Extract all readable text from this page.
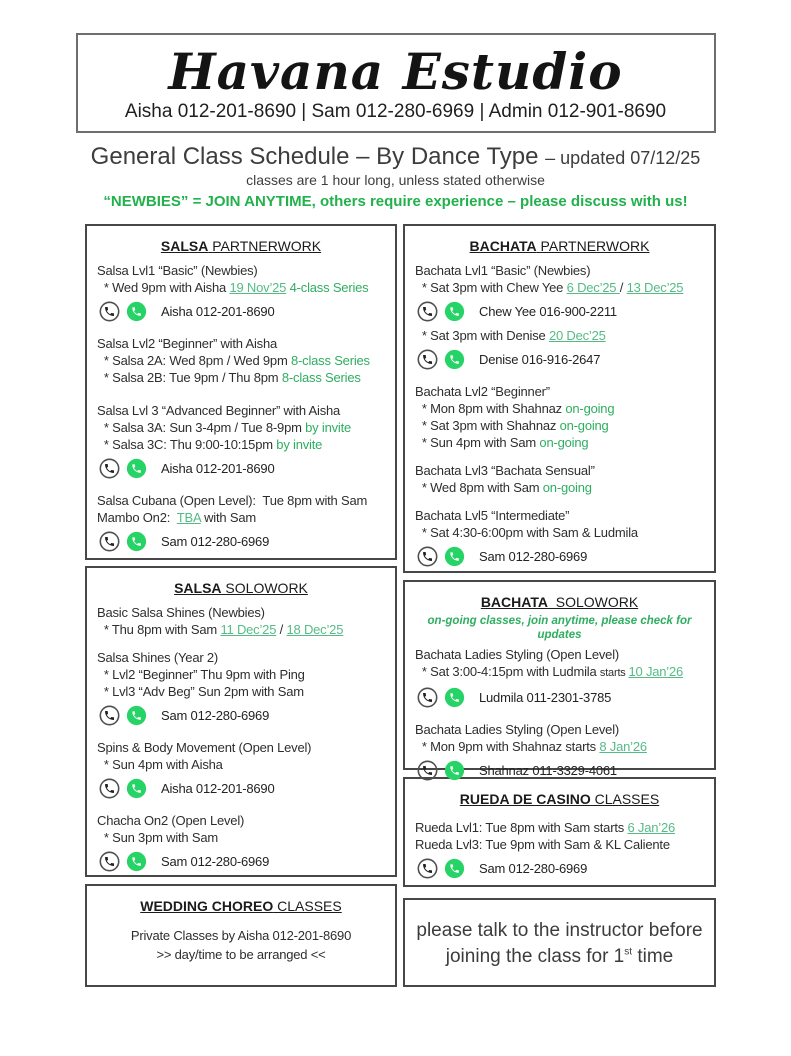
Havana Estudio
Aisha 012-201-8690 | Sam 012-280-6969 | Admin 012-901-8690
General Class Schedule – By Dance Type – updated 07/12/25
classes are 1 hour long, unless stated otherwise
“NEWBIES” = JOIN ANYTIME, others require experience – please discuss with us!
SALSA PARTNERWORK
Salsa Lvl1 “Basic” (Newbies)
* Wed 9pm with Aisha 19 Nov’25 4-class Series
Aisha 012-201-8690
Salsa Lvl2 “Beginner” with Aisha
* Salsa 2A: Wed 8pm / Wed 9pm 8-class Series
* Salsa 2B: Tue 9pm / Thu 8pm 8-class Series
Salsa Lvl 3 “Advanced Beginner” with Aisha
* Salsa 3A: Sun 3-4pm / Tue 8-9pm by invite
* Salsa 3C: Thu 9:00-10:15pm by invite
Aisha 012-201-8690
Salsa Cubana (Open Level):  Tue 8pm with Sam
Mambo On2:  TBA with Sam
Sam 012-280-6969
SALSA SOLOWORK
Basic Salsa Shines (Newbies)
* Thu 8pm with Sam 11 Dec’25 / 18 Dec’25
Salsa Shines (Year 2)
* Lvl2 “Beginner” Thu 9pm with Ping
* Lvl3 “Adv Beg” Sun 2pm with Sam
Sam 012-280-6969
Spins & Body Movement (Open Level)
* Sun 4pm with Aisha
Aisha 012-201-8690
Chacha On2 (Open Level)
* Sun 3pm with Sam
Sam 012-280-6969
WEDDING CHOREO CLASSES
Private Classes by Aisha 012-201-8690
>> day/time to be arranged <<
BACHATA PARTNERWORK
Bachata Lvl1 “Basic” (Newbies)
* Sat 3pm with Chew Yee 6 Dec’25 / 13 Dec’25
Chew Yee 016-900-2211
* Sat 3pm with Denise 20 Dec’25
Denise 016-916-2647
Bachata Lvl2 “Beginner”
* Mon 8pm with Shahnaz on-going
* Sat 3pm with Shahnaz on-going
* Sun 4pm with Sam on-going
Bachata Lvl3 “Bachata Sensual”
* Wed 8pm with Sam on-going
Bachata Lvl5 “Intermediate”
* Sat 4:30-6:00pm with Sam & Ludmila
Sam 012-280-6969
BACHATA  SOLOWORK
on-going classes, join anytime, please check for updates
Bachata Ladies Styling (Open Level)
* Sat 3:00-4:15pm with Ludmila starts 10 Jan’26
Ludmila 011-2301-3785
Bachata Ladies Styling (Open Level)
* Mon 9pm with Shahnaz starts 8 Jan’26
Shahnaz 011-3329-4061
RUEDA DE CASINO CLASSES
Rueda Lvl1: Tue 8pm with Sam starts 6 Jan’26
Rueda Lvl3: Tue 9pm with Sam & KL Caliente
Sam 012-280-6969
please talk to the instructor before
joining the class for 1st time
